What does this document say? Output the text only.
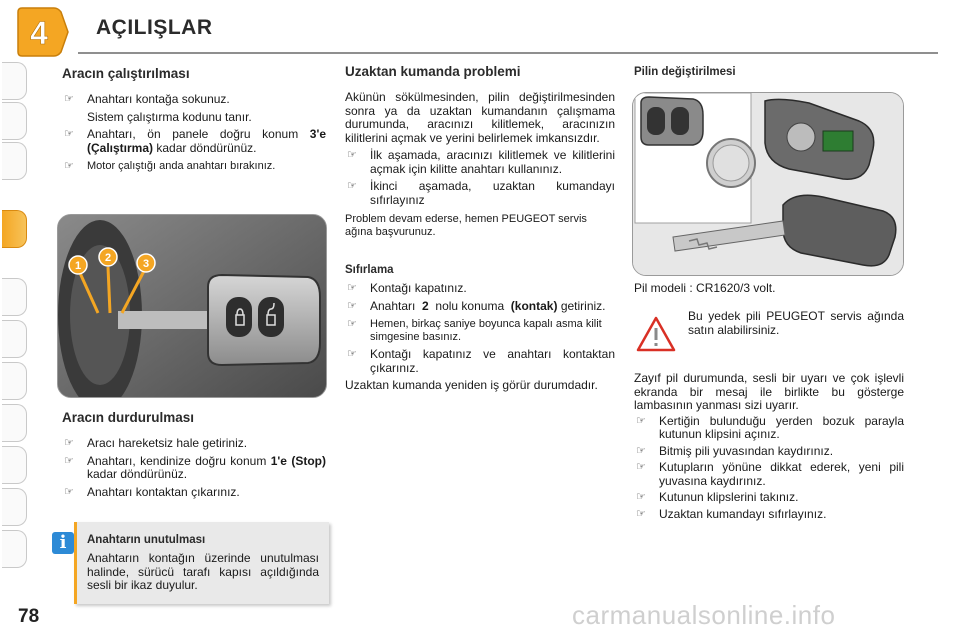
4 AÇILIŞLAR
Aracın çalıştırılması
☞ Anahtarı kontağa sokunuz.
Sistem çalıştırma kodunu tanır.
☞ Anahtarı, ön panele doğru konum 3'e (Çalıştırma) kadar döndürünüz.
☞ Motor çalıştığı anda anahtarı bırakınız.
1
2	3
Aracın durdurulması
☞ Aracı hareketsiz hale getiriniz.
☞ Anahtarı, kendinize doğru konum 1'e (Stop) kadar döndürünüz.
☞ Anahtarı kontaktan çıkarınız.
Anahtarın unutulması
Anahtarın kontağın üzerinde unutulması halinde, sürücü tarafı kapısı açıldığında sesli bir ikaz duyulur.
i
Uzaktan kumanda problemi
Akünün sökülmesinden, pilin değiştirilmesinden sonra ya da uzaktan kumandanın çalışmama durumunda, aracınızı kilitlemek, aracınızın kilitlerini açmak ve yerini belirlemek imkansızdır.
☞ İlk aşamada, aracınızı kilitlemek ve kilitlerini açmak için kilitte anahtarı kullanınız.
☞ İkinci aşamada, uzaktan kumandayı sıfırlayınız
Problem devam ederse, hemen PEUGEOT servis ağına başvurunuz.
Sıfırlama
☞ Kontağı kapatınız.
☞ Anahtarı 2 nolu konuma (kontak) getiriniz.
☞ Hemen, birkaç saniye boyunca kapalı asma kilit simgesine basınız.
☞ Kontağı kapatınız ve anahtarı kontaktan çıkarınız.
Uzaktan kumanda yeniden iş görür durumdadır.
Pilin değiştirilmesi
Pil modeli : CR1620/3 volt.
Bu yedek pili PEUGEOT servis ağında satın alabilirsiniz.
Zayıf pil durumunda, sesli bir uyarı ve çok işlevli ekranda bir mesaj ile birlikte bu gösterge lambasının yanması sizi uyarır.
☞ Kertiğin bulunduğu yerden bozuk parayla kutunun klipsini açınız.
☞ Bitmiş pili yuvasından kaydırınız.
☞ Kutupların yönüne dikkat ederek, yeni pili yuvasına kaydırınız.
☞ Kutunun klipslerini takınız.
☞ Uzaktan kumandayı sıfırlayınız.
78	carmanualsonline.info
